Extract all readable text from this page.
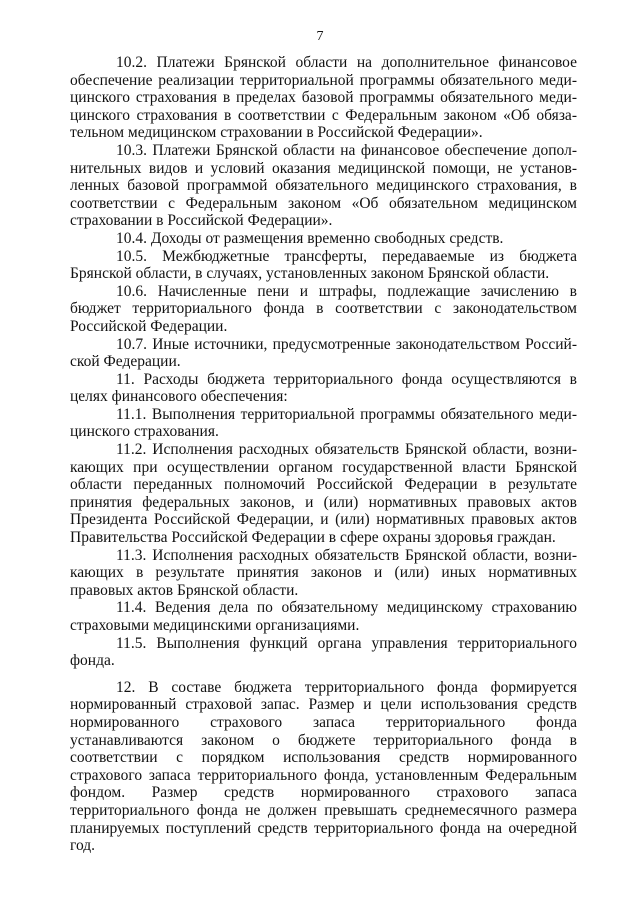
7

10.2. Платежи Брянской области на дополнительное финансовое обеспечение реализации территориальной программы обязательного медицинского страхования в пределах базовой программы обязательного медицинского страхования в соответствии с Федеральным законом «Об обязательном медицинском страховании в Российской Федерации».

10.3. Платежи Брянской области на финансовое обеспечение дополнительных видов и условий оказания медицинской помощи, не установленных базовой программой обязательного медицинского страхования, в соответствии с Федеральным законом «Об обязательном медицинском страховании в Российской Федерации».

10.4. Доходы от размещения временно свободных средств.

10.5. Межбюджетные трансферты, передаваемые из бюджета Брянской области, в случаях, установленных законом Брянской области.

10.6. Начисленные пени и штрафы, подлежащие зачислению в бюджет территориального фонда в соответствии с законодательством Российской Федерации.

10.7. Иные источники, предусмотренные законодательством Российской Федерации.

11. Расходы бюджета территориального фонда осуществляются в целях финансового обеспечения:

11.1. Выполнения территориальной программы обязательного медицинского страхования.

11.2. Исполнения расходных обязательств Брянской области, возникающих при осуществлении органом государственной власти Брянской области переданных полномочий Российской Федерации в результате принятия федеральных законов, и (или) нормативных правовых актов Президента Российской Федерации, и (или) нормативных правовых актов Правительства Российской Федерации в сфере охраны здоровья граждан.

11.3. Исполнения расходных обязательств Брянской области, возникающих в результате принятия законов и (или) иных нормативных правовых актов Брянской области.

11.4. Ведения дела по обязательному медицинскому страхованию страховыми медицинскими организациями.

11.5. Выполнения функций органа управления территориального фонда.

12. В составе бюджета территориального фонда формируется нормированный страховой запас. Размер и цели использования средств нормированного страхового запаса территориального фонда устанавливаются законом о бюджете территориального фонда в соответствии с порядком использования средств нормированного страхового запаса территориального фонда, установленным Федеральным фондом. Размер средств нормированного страхового запаса территориального фонда не должен превышать среднемесячного размера планируемых поступлений средств территориального фонда на очередной год.
